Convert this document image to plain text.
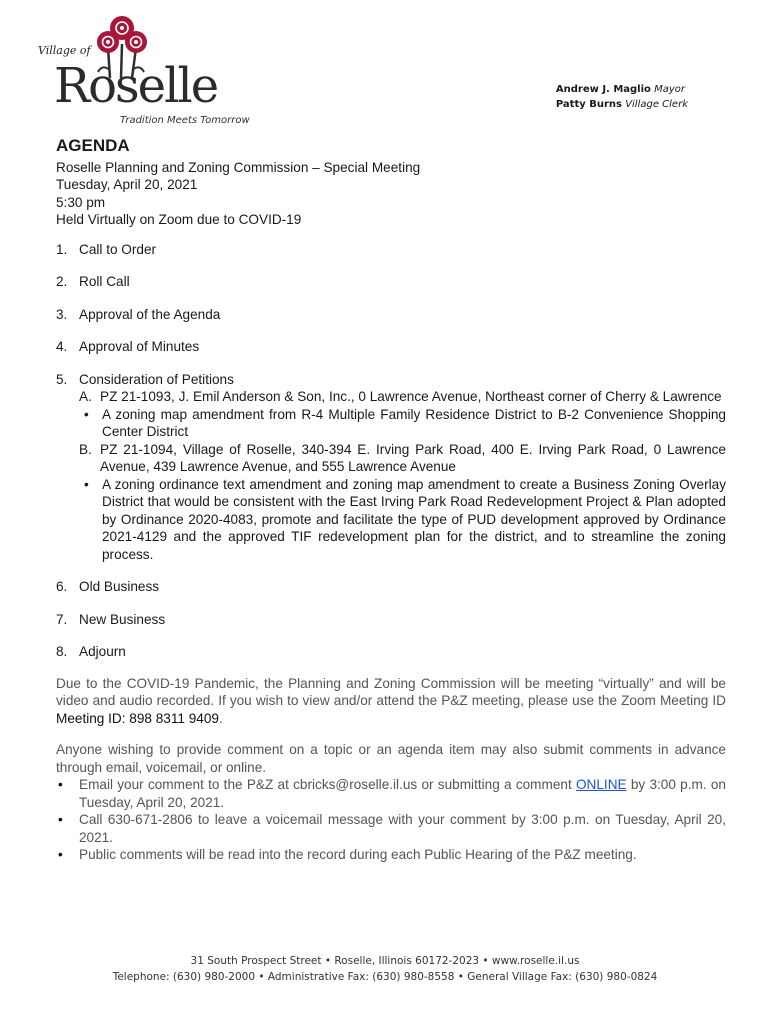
Village of
Roselle
Tradition Meets Tomorrow
Andrew J. Maglio Mayor
Patty Burns Village Clerk
AGENDA

Roselle Planning and Zoning Commission – Special Meeting

Tuesday, April 20, 2021

5:30 pm

Held Virtually on Zoom due to COVID-19

1. Call to Order
2. Roll Call
3. Approval of the Agenda
4. Approval of Minutes
5. Consideration of Petitions
A. PZ 21-1093, J. Emil Anderson & Son, Inc., 0 Lawrence Avenue, Northeast corner of Cherry & Lawrence
• A zoning map amendment from R-4 Multiple Family Residence District to B-2 Convenience Shopping Center District
B. PZ 21-1094, Village of Roselle, 340-394 E. Irving Park Road, 400 E. Irving Park Road, 0 Lawrence Avenue, 439 Lawrence Avenue, and 555 Lawrence Avenue
• A zoning ordinance text amendment and zoning map amendment to create a Business Zoning Overlay District that would be consistent with the East Irving Park Road Redevelopment Project & Plan adopted by Ordinance 2020-4083, promote and facilitate the type of PUD development approved by Ordinance 2021-4129 and the approved TIF redevelopment plan for the district, and to streamline the zoning process.
6. Old Business
7. New Business
8. Adjourn
Due to the COVID-19 Pandemic, the Planning and Zoning Commission will be meeting “virtually” and will be video and audio recorded. If you wish to view and/or attend the P&Z meeting, please use the Zoom Meeting ID Meeting ID: 898 8311 9409.
Anyone wishing to provide comment on a topic or an agenda item may also submit comments in advance through email, voicemail, or online.
• Email your comment to the P&Z at cbricks@roselle.il.us or submitting a comment ONLINE by 3:00 p.m. on Tuesday, April 20, 2021.
• Call 630-671-2806 to leave a voicemail message with your comment by 3:00 p.m. on Tuesday, April 20, 2021.
• Public comments will be read into the record during each Public Hearing of the P&Z meeting.
31 South Prospect Street • Roselle, Illinois 60172-2023 • www.roselle.il.us
Telephone: (630) 980-2000 • Administrative Fax: (630) 980-8558 • General Village Fax: (630) 980-0824
